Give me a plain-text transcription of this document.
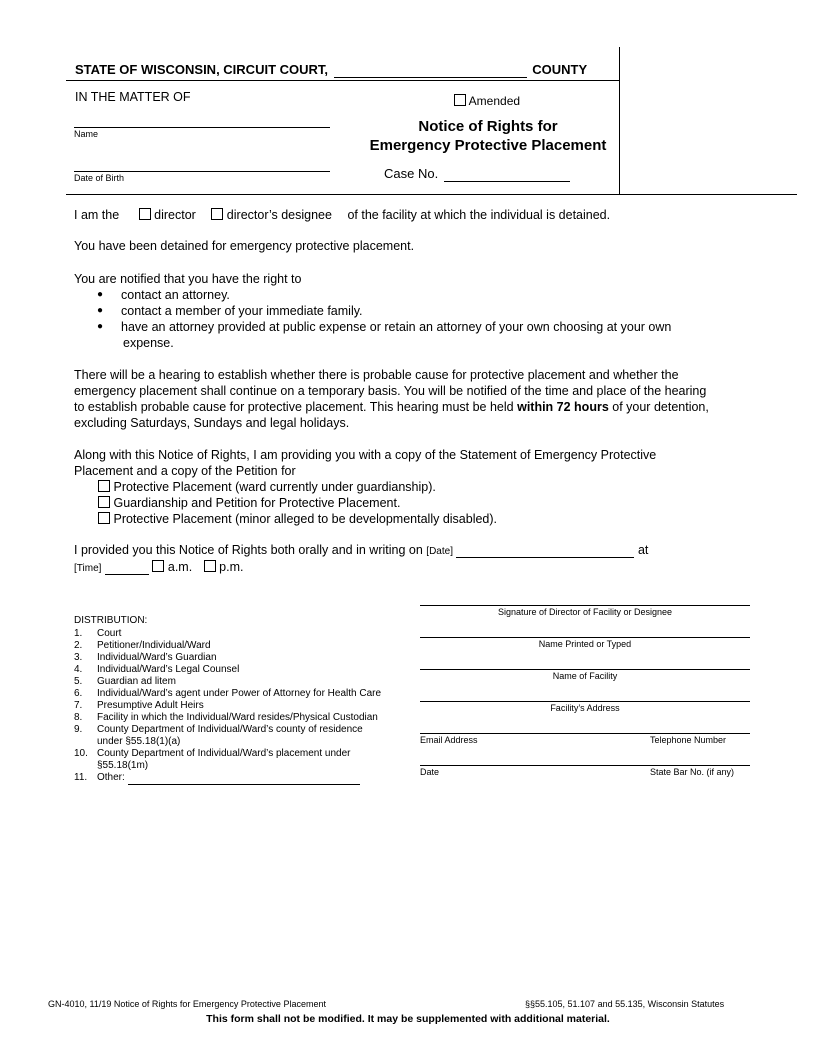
STATE OF WISCONSIN, CIRCUIT COURT,	COUNTY
IN THE MATTER OF
Name
Date of Birth
Amended
Notice of Rights for
Emergency Protective Placement
Case No.
I am the	director director’s designee of the facility at which the individual is detained.
You have been detained for emergency protective placement.
You are notified that you have the right to
● contact an attorney.
● contact a member of your immediate family.
● have an attorney provided at public expense or retain an attorney of your own choosing at your own
expense.
There will be a hearing to establish whether there is probable cause for protective placement and whether the
emergency placement shall continue on a temporary basis. You will be notified of the time and place of the hearing
to establish probable cause for protective placement. This hearing must be held within 72 hours of your detention,
excluding Saturdays, Sundays and legal holidays.
Along with this Notice of Rights, I am providing you with a copy of the Statement of Emergency Protective
Placement and a copy of the Petition for
Protective Placement (ward currently under guardianship).
Guardianship and Petition for Protective Placement.
Protective Placement (minor alleged to be developmentally disabled).
I provided you this Notice of Rights both orally and in writing on [Date]	at
[Time]	a.m. p.m.
DISTRIBUTION:
1. Court
2. Petitioner/Individual/Ward
3. Individual/Ward’s Guardian
4. Individual/Ward’s Legal Counsel
5. Guardian ad litem
6. Individual/Ward’s agent under Power of Attorney for Health Care
7. Presumptive Adult Heirs
8. Facility in which the Individual/Ward resides/Physical Custodian
9. County Department of Individual/Ward’s county of residence
under §55.18(1)(a)
10. County Department of Individual/Ward’s placement under
§55.18(1m)
11. Other:
Signature of Director of Facility or Designee
Name Printed or Typed
Name of Facility
Facility’s Address
Email Address	Telephone Number
Date	State Bar No. (if any)
GN-4010, 11/19 Notice of Rights for Emergency Protective Placement	§§55.105, 51.107 and 55.135, Wisconsin Statutes
This form shall not be modified. It may be supplemented with additional material.
